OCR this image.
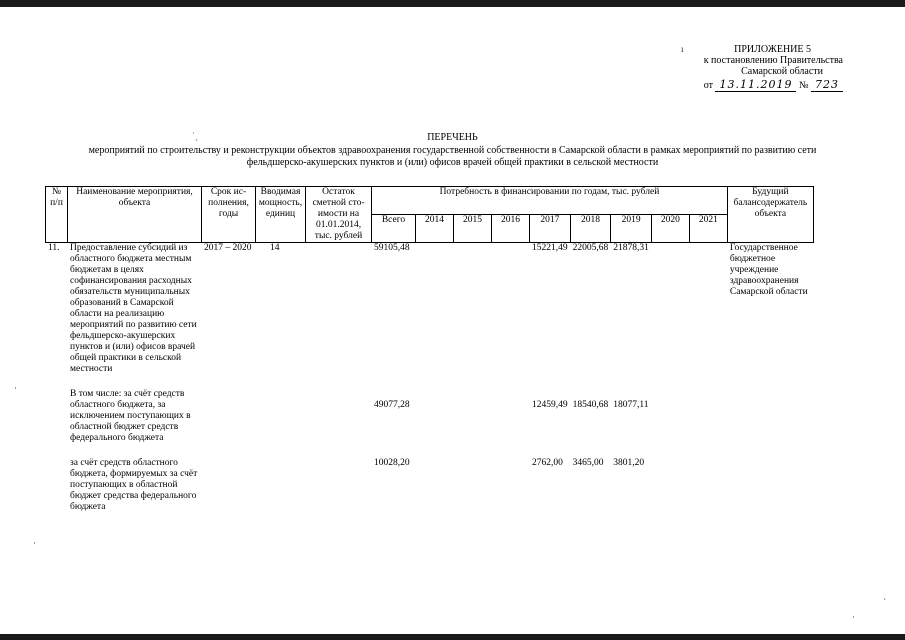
ПРИЛОЖЕНИЕ 5
к постановлению Правительства
Самарской области
от 13.11.2019 № 723
ı
˙ˎ	ПЕРЕЧЕНЬ
мероприятий по строительству и реконструкции объектов здравоохранения государственной собственности в Самарской области в рамках мероприятий по развитию сети
фельдшерско-акушерских пунктов и (или) офисов врачей общей практики в сельской местности
№ п/п	Наименование мероприятия, объекта	Срок ис-полнения, годы	Вводимая мощность, единиц	Остаток сметной сто-имости на 01.01.2014, тыс. рублей	Потребность в финансировании по годам, тыс. рублей									Будущий балансодержатель объекта
					Всего	2014	2015	2016	2017	2018	2019	2020	2021	
11.	Предоставление субсидий из областного бюджета местным бюджетам в целях софинансирования расходных обязательств муниципальных образований в Самарской области на реализацию мероприятий по развитию сети фельдшерско-акушерских пунктов и (или) офисов врачей общей практики в сельской местности	2017 – 2020	14		59105,48				15221,49	22005,68	21878,31			Государственное бюджетное учреждение здравоохранения Самарской области

	В том числе: за счёт средств областного бюджета, за исключением поступающих в областной бюджет средств федерального бюджета				49077,28				12459,49	18540,68	18077,11			

	за счёт средств областного бюджета, формируемых за счёт поступающих в областной бюджет средства федерального бюджета				10028,20				2762,00	3465,00	3801,20			
·
·
ˏ
·
